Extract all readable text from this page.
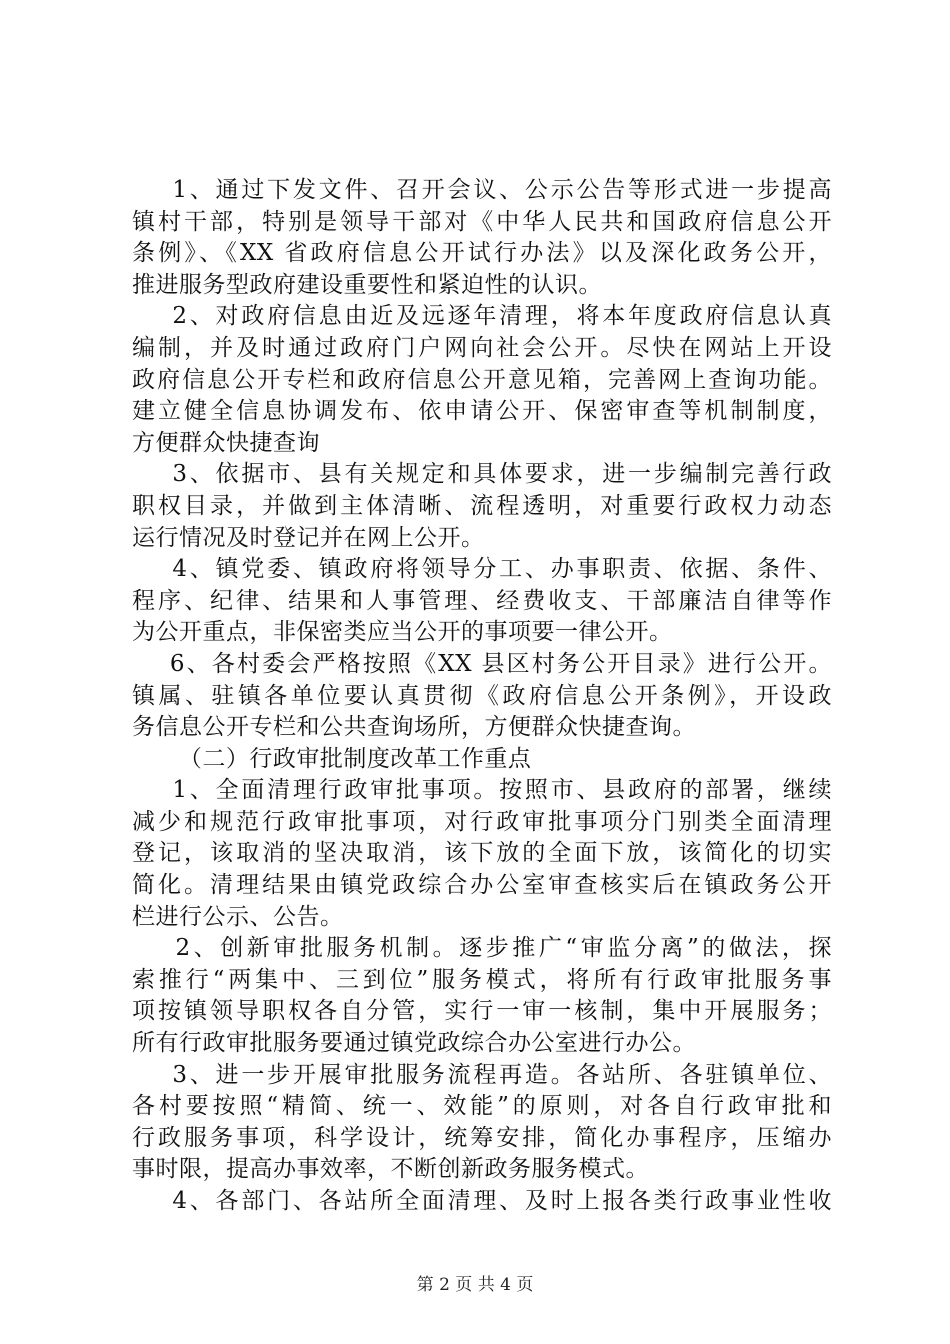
1、通过下发文件、召开会议、公示公告等形式进一步提高
镇村干部，特别是领导干部对《中华人民共和国政府信息公开
条例》、《XX 省政府信息公开试行办法》以及深化政务公开，
推进服务型政府建设重要性和紧迫性的认识。
2、对政府信息由近及远逐年清理，将本年度政府信息认真
编制，并及时通过政府门户网向社会公开。尽快在网站上开设
政府信息公开专栏和政府信息公开意见箱，完善网上查询功能。
建立健全信息协调发布、依申请公开、保密审查等机制制度，
方便群众快捷查询
3、依据市、县有关规定和具体要求，进一步编制完善行政
职权目录，并做到主体清晰、流程透明，对重要行政权力动态
运行情况及时登记并在网上公开。
4、镇党委、镇政府将领导分工、办事职责、依据、条件、
程序、纪律、结果和人事管理、经费收支、干部廉洁自律等作
为公开重点，非保密类应当公开的事项要一律公开。
6、各村委会严格按照《XX 县区村务公开目录》进行公开。
镇属、驻镇各单位要认真贯彻《政府信息公开条例》，开设政
务信息公开专栏和公共查询场所，方便群众快捷查询。
（二）行政审批制度改革工作重点
1、全面清理行政审批事项。按照市、县政府的部署，继续
减少和规范行政审批事项，对行政审批事项分门别类全面清理
登记，该取消的坚决取消，该下放的全面下放，该简化的切实
简化。清理结果由镇党政综合办公室审查核实后在镇政务公开
栏进行公示、公告。
2、创新审批服务机制。逐步推广“审监分离”的做法，探
索推行“两集中、三到位”服务模式，将所有行政审批服务事
项按镇领导职权各自分管，实行一审一核制，集中开展服务；
所有行政审批服务要通过镇党政综合办公室进行办公。
3、进一步开展审批服务流程再造。各站所、各驻镇单位、
各村要按照“精简、统一、效能”的原则，对各自行政审批和
行政服务事项，科学设计，统筹安排，简化办事程序，压缩办
事时限，提高办事效率，不断创新政务服务模式。
4、各部门、各站所全面清理、及时上报各类行政事业性收
第 2 页 共 4 页
